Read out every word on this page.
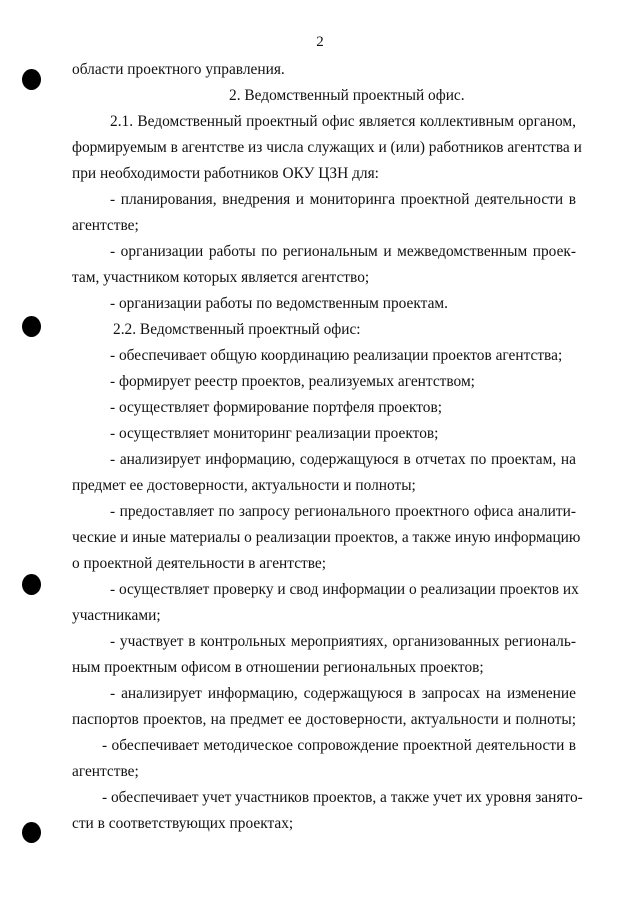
2
области проектного управления.
2. Ведомственный проектный офис.
2.1. Ведомственный проектный офис является коллективным органом,
формируемым в агентстве из числа служащих и (или) работников агентства и
при необходимости работников ОКУ ЦЗН для:
- планирования, внедрения и мониторинга проектной деятельности в
агентстве;
- организации работы по региональным и межведомственным проек-
там, участником которых является агентство;
- организации работы по ведомственным проектам.
2.2. Ведомственный проектный офис:
- обеспечивает общую координацию реализации проектов агентства;
- формирует реестр проектов, реализуемых агентством;
- осуществляет формирование портфеля проектов;
- осуществляет мониторинг реализации проектов;
- анализирует информацию, содержащуюся в отчетах по проектам, на
предмет ее достоверности, актуальности и полноты;
- предоставляет по запросу регионального проектного офиса аналити-
ческие и иные материалы о реализации проектов, а также иную информацию
о проектной деятельности в агентстве;
- осуществляет проверку и свод информации о реализации проектов их
участниками;
- участвует в контрольных мероприятиях, организованных региональ-
ным проектным офисом в отношении региональных проектов;
- анализирует информацию, содержащуюся в запросах на изменение
паспортов проектов, на предмет ее достоверности, актуальности и полноты;
- обеспечивает методическое сопровождение проектной деятельности в
агентстве;
- обеспечивает учет участников проектов, а также учет их уровня занято-
сти в соответствующих проектах;
